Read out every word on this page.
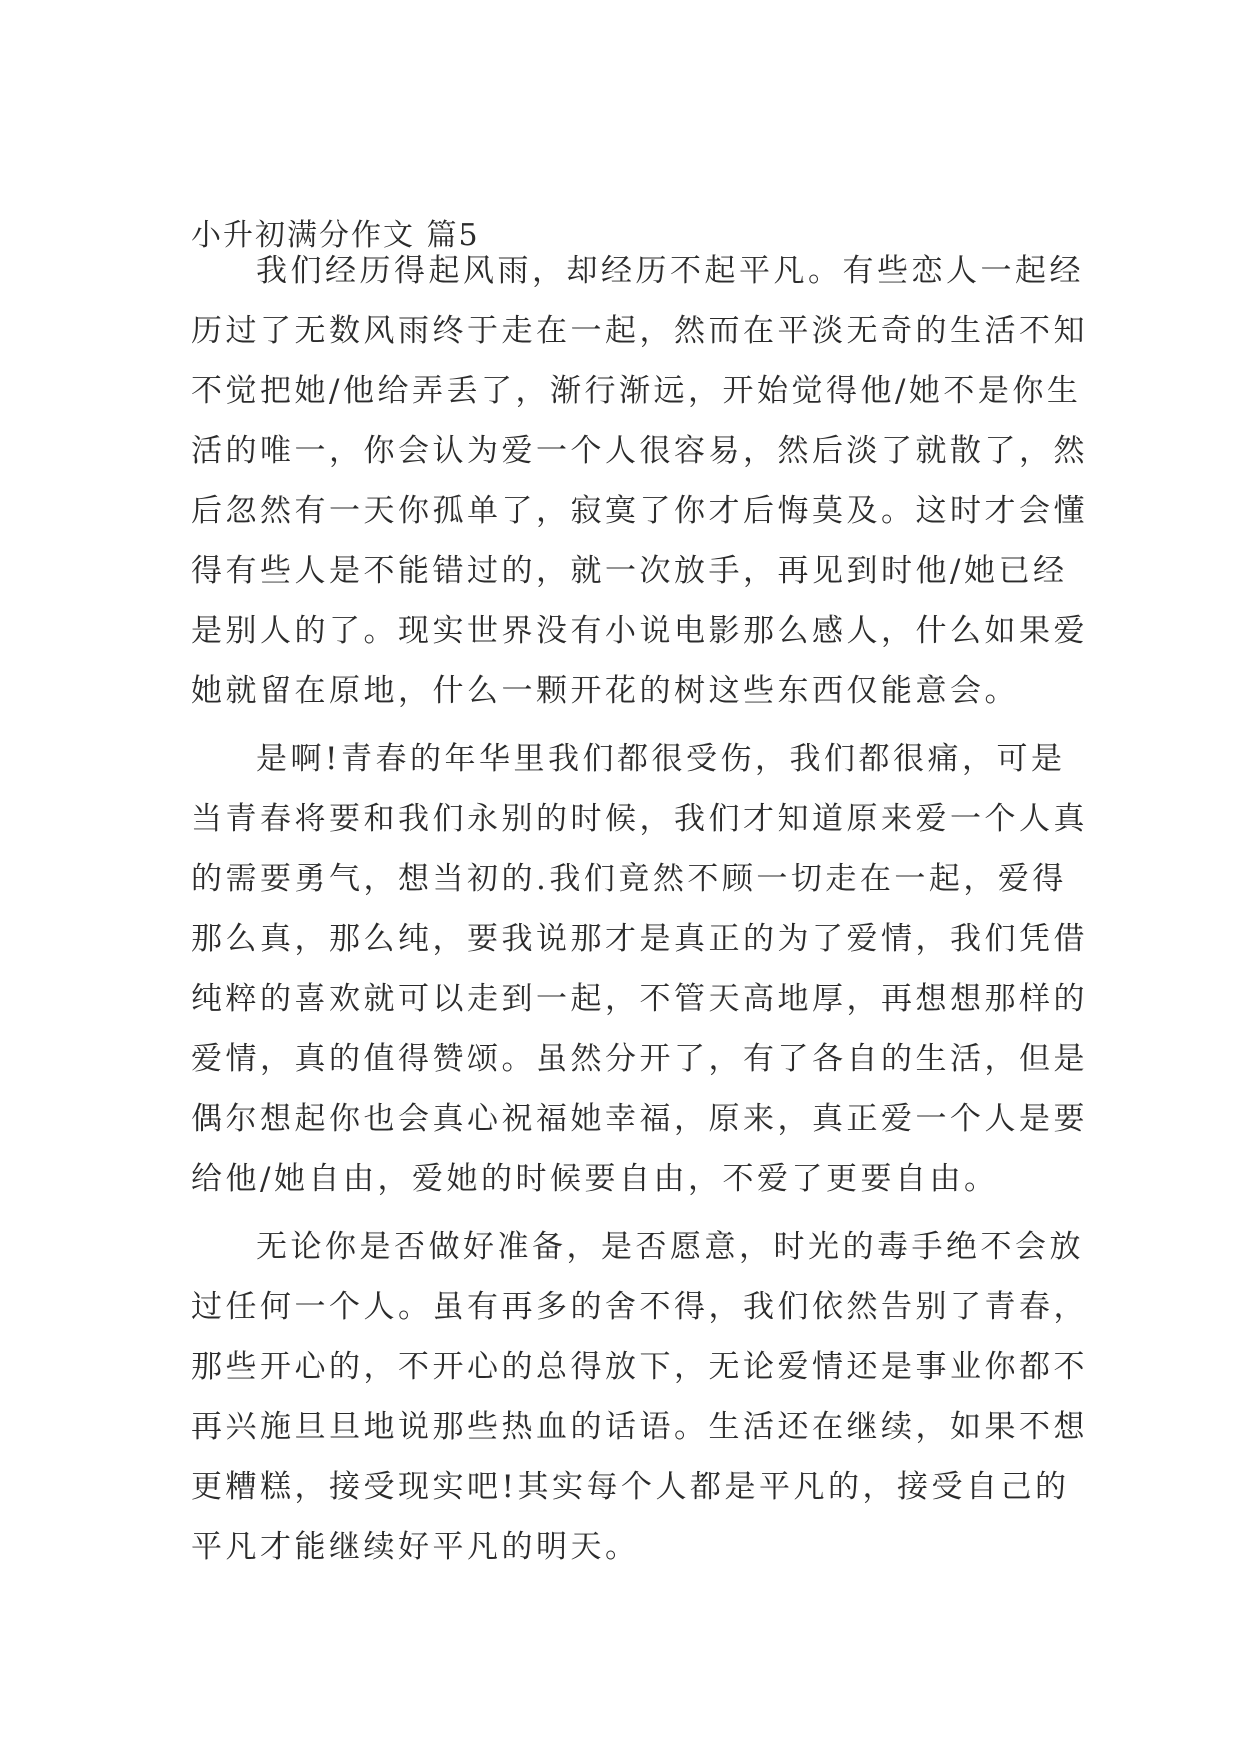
小升初满分作文 篇5

我们经历得起风雨，却经历不起平凡。有些恋人一起经

历过了无数风雨终于走在一起，然而在平淡无奇的生活不知

不觉把她/他给弄丢了，渐行渐远，开始觉得他/她不是你生

活的唯一，你会认为爱一个人很容易，然后淡了就散了，然

后忽然有一天你孤单了，寂寞了你才后悔莫及。这时才会懂

得有些人是不能错过的，就一次放手，再见到时他/她已经

是别人的了。现实世界没有小说电影那么感人，什么如果爱

她就留在原地，什么一颗开花的树这些东西仅能意会。

是啊!青春的年华里我们都很受伤，我们都很痛，可是

当青春将要和我们永别的时候，我们才知道原来爱一个人真

的需要勇气，想当初的.我们竟然不顾一切走在一起，爱得

那么真，那么纯，要我说那才是真正的为了爱情，我们凭借

纯粹的喜欢就可以走到一起，不管天高地厚，再想想那样的

爱情，真的值得赞颂。虽然分开了，有了各自的生活，但是

偶尔想起你也会真心祝福她幸福，原来，真正爱一个人是要

给他/她自由，爱她的时候要自由，不爱了更要自由。

无论你是否做好准备，是否愿意，时光的毒手绝不会放

过任何一个人。虽有再多的舍不得，我们依然告别了青春，

那些开心的，不开心的总得放下，无论爱情还是事业你都不

再兴施旦旦地说那些热血的话语。生活还在继续，如果不想

更糟糕，接受现实吧!其实每个人都是平凡的，接受自己的

平凡才能继续好平凡的明天。
